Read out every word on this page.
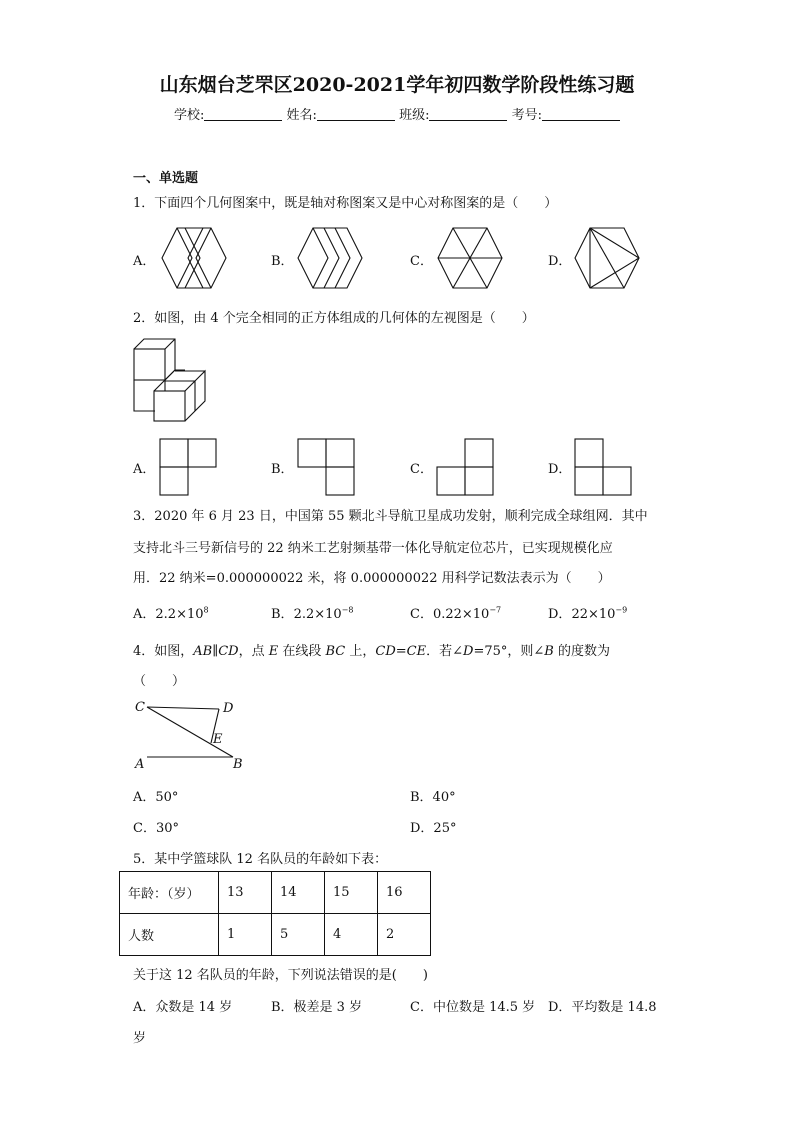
山东烟台芝罘区2020-2021学年初四数学阶段性练习题
学校:	姓名:	班级:	考号:
一、单选题
1．下面四个几何图案中，既是轴对称图案又是中心对称图案的是（　　）
A．	B．	C．	D．
2．如图，由 4 个完全相同的正方体组成的几何体的左视图是（　　）
A．	B．	C．	D．
3．2020 年 6 月 23 日，中国第 55 颗北斗导航卫星成功发射，顺利完成全球组网．其中
支持北斗三号新信号的 22 纳米工艺射频基带一体化导航定位芯片，已实现规模化应
用．22 纳米=0.000000022 米，将 0.000000022 用科学记数法表示为（　　）
A．$2.2\times 10^8$	B．$2.2\times 10^{-8}$	C．$0.22\times 10^{-7}$	D．$22\times 10^{-9}$
4．如图，AB∥CD，点 E 在线段 BC 上，CD=CE．若∠D=75°，则∠B 的度数为
（　　）
C	D
E
A	B
A．50°	B．40°
C．30°	D．25°
5．某中学篮球队 12 名队员的年龄如下表：
年龄：（岁）	13	14	15	16
人数	1	5	4	2
关于这 12 名队员的年龄，下列说法错误的是(　　)
A．众数是 14 岁	B．极差是 3 岁	C．中位数是 14.5 岁 D．平均数是 14.8
岁
